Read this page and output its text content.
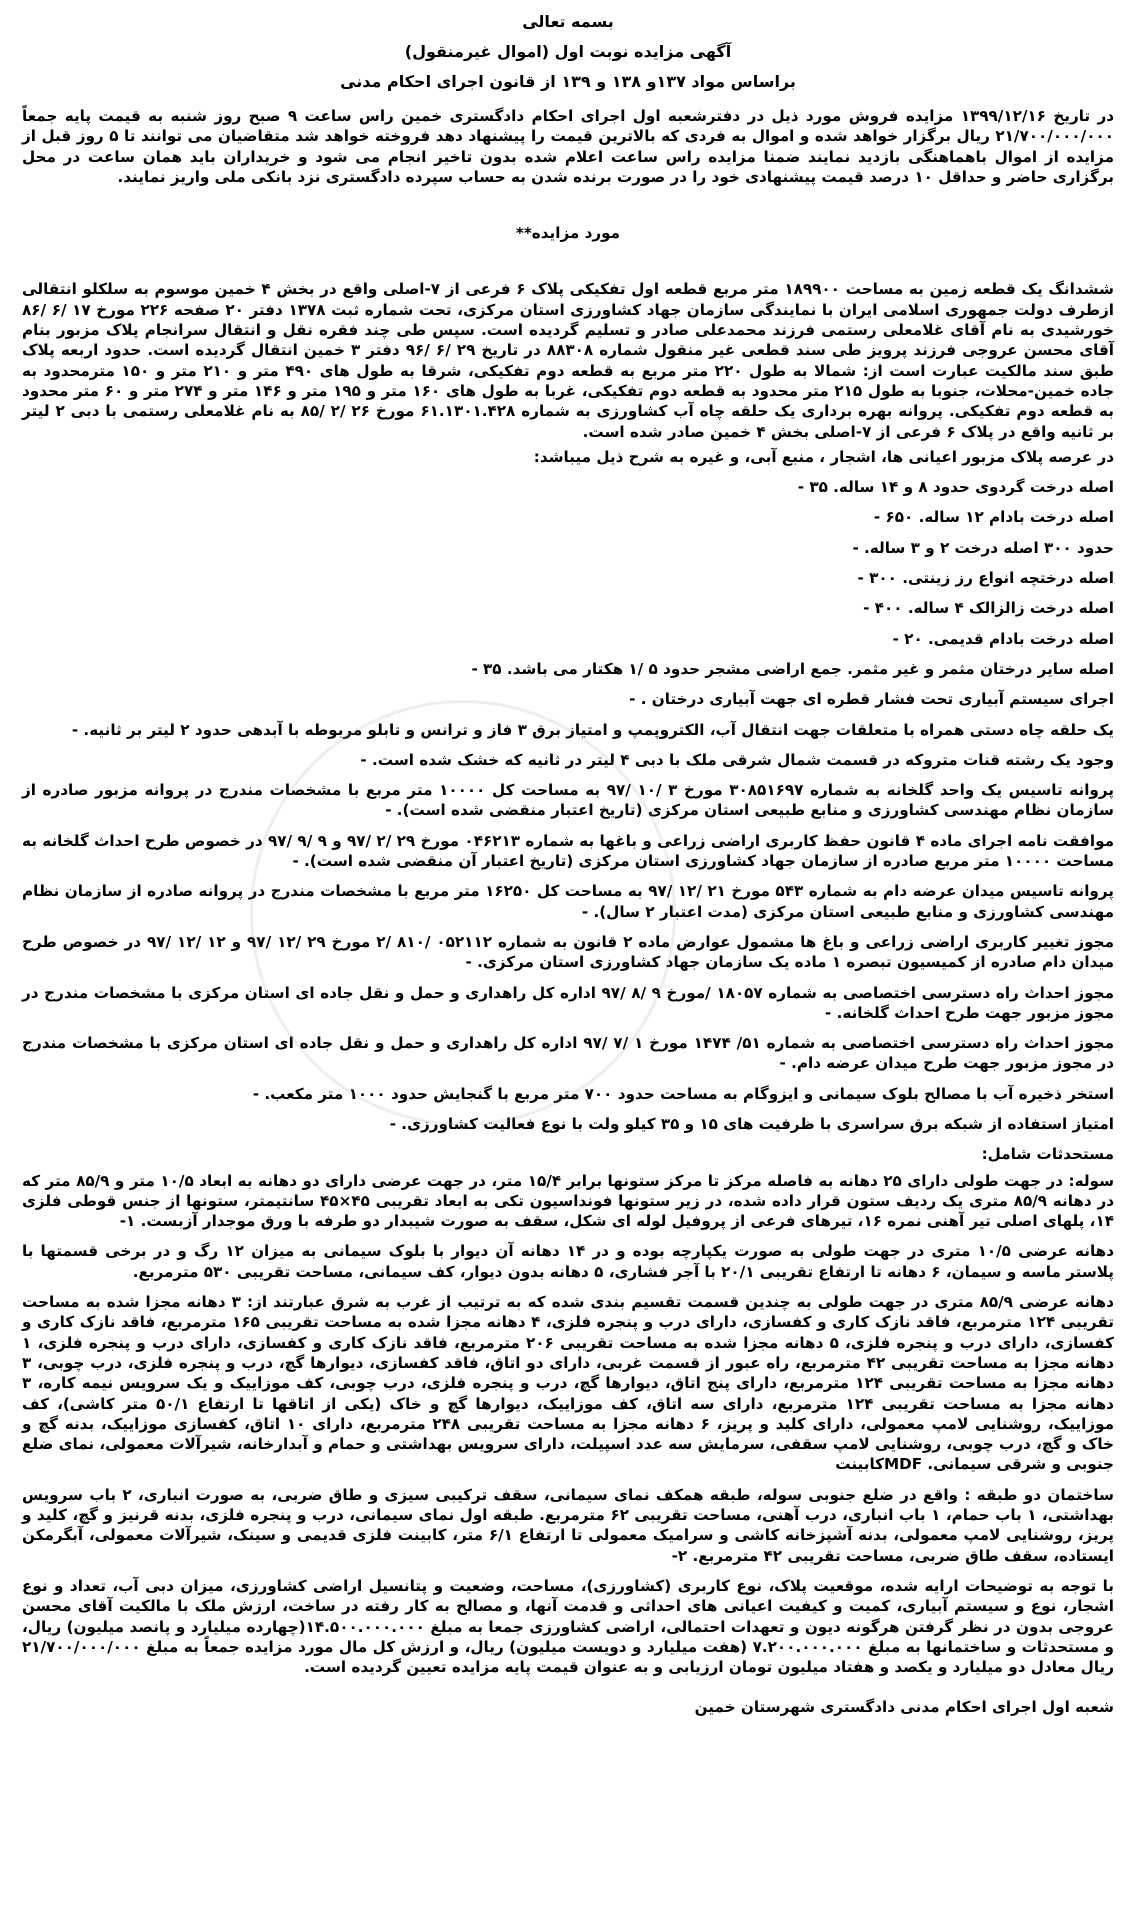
بسمه تعالی
آگهی مزایده نوبت اول (اموال غیرمنقول)
براساس مواد ۱۳۷و ۱۳۸ و ۱۳۹ از قانون اجرای احکام مدنی

در تاریخ ۱۳۹۹/۱۲/۱۶ مزایده فروش مورد ذیل در دفترشعبه اول اجرای احکام دادگستری خمین راس ساعت ۹ صبح روز شنبه به قیمت پایه جمعاً ۲۱/۷۰۰/۰۰۰/۰۰۰ ریال برگزار خواهد شده و اموال به فردی که بالاترین قیمت را پیشنهاد دهد فروخته خواهد شد متقاضیان می توانند تا ۵ روز قبل از مزایده از اموال باهماهنگی بازدید نمایند ضمنا مزایده راس ساعت اعلام شده بدون تاخیر انجام می شود و خریداران باید همان ساعت در محل برگزاری حاضر و حداقل ۱۰ درصد قیمت پیشنهادی خود را در صورت برنده شدن به حساب سپرده دادگستری نزد بانکی ملی واریز نمایند.

مورد مزایده**

ششدانگ یک قطعه زمین به مساحت ۱۸۹۹۰۰ متر مربع قطعه اول تفکیکی پلاک ۶ فرعی از ۷-اصلی واقع در بخش ۴ خمین موسوم به سلکلو انتقالی ازطرف دولت جمهوری اسلامی ایران با نمایندگی سازمان جهاد کشاورزی استان مرکزی، تحت شماره ثبت ۱۳۷۸ دفتر ۲۰ صفحه ۲۲۶ مورخ ۱۷ /۶ /۸۶ خورشیدی به نام آقای غلامعلی رستمی فرزند محمدعلی صادر و تسلیم گردیده است. سپس طی چند فقره نقل و انتقال سرانجام پلاک مزبور بنام آقای محسن عروجی فرزند پرویز طی سند قطعی غیر منقول شماره ۸۸۳۰۸ در تاریخ ۲۹ /۶ /۹۶ دفتر ۳ خمین انتقال گردیده است. حدود اربعه پلاک طبق سند مالکیت عبارت است از: شمالا به طول ۲۲۰ متر مربع به قطعه دوم تفکیکی، شرقا به طول های ۴۹۰ متر و ۲۱۰ متر و ۱۵۰ مترمحدود به جاده خمین-محلات، جنوبا به طول ۲۱۵ متر محدود به قطعه دوم تفکیکی، غربا به طول های ۱۶۰ متر و ۱۹۵ متر و ۱۴۶ متر و ۲۷۴ متر و ۶۰ متر محدود به قطعه دوم تفکیکی. پروانه بهره برداری یک حلقه چاه آب کشاورزی به شماره ۶۱.۱۳۰۱.۴۲۸ مورخ ۲۶ /۲ /۸۵ به نام غلامعلی رستمی با دبی ۲ لیتر بر ثانیه واقع در پلاک ۶ فرعی از ۷-اصلی بخش ۴ خمین صادر شده است.

در عرصه پلاک مزبور اعیانی ها، اشجار ، منبع آبی، و غیره به شرح ذیل میباشد:

اصله درخت گردوی حدود ۸ و ۱۴ ساله. ۳۵ -

اصله درخت بادام ۱۲ ساله. ۶۵۰ -

حدود ۳۰۰ اصله درخت ۲ و ۳ ساله. -

اصله درختچه انواع رز زینتی. ۳۰۰ -

اصله درخت زالزالک ۴ ساله. ۴۰۰ -

اصله درخت بادام قدیمی. ۲۰ -

اصله سایر درختان مثمر و غیر مثمر. جمع اراضی مشجر حدود ۵ /۱ هکتار می باشد. ۳۵ -

اجرای سیستم آبیاری تحت فشار قطره ای جهت آبیاری درختان . -

یک حلقه چاه دستی همراه با متعلقات جهت انتقال آب، الکتروپمپ و امتیاز برق ۳ فاز و ترانس و تابلو مربوطه با آبدهی حدود ۲ لیتر بر ثانیه. -

وجود یک رشته قنات متروکه در قسمت شمال شرقی ملک با دبی ۴ لیتر در ثانیه که خشک شده است. -

پروانه تاسیس یک واحد گلخانه به شماره ۳۰۸۵۱۶۹۷ مورخ ۳ /۱۰ /۹۷ به مساحت کل ۱۰۰۰۰ متر مربع با مشخصات مندرج در پروانه مزبور صادره از سازمان نظام مهندسی کشاورزی و منابع طبیعی استان مرکزی (تاریخ اعتبار منقضی شده است). -

موافقت نامه اجرای ماده ۴ قانون حفظ کاربری اراضی زراعی و باغها به شماره ۰۴۶۲۱۳ مورخ ۲۹ /۲ /۹۷ و ۹ /۹ /۹۷ در خصوص طرح احداث گلخانه به مساحت ۱۰۰۰۰ متر مربع صادره از سازمان جهاد کشاورزی استان مرکزی (تاریخ اعتبار آن منقضی شده است). -

پروانه تاسیس میدان عرضه دام به شماره ۵۴۳ مورخ ۲۱ /۱۲ /۹۷ به مساحت کل ۱۶۲۵۰ متر مربع با مشخصات مندرج در پروانه صادره از سازمان نظام مهندسی کشاورزی و منابع طبیعی استان مرکزی (مدت اعتبار ۲ سال). -

مجوز تغییر کاربری اراضی زراعی و باغ ها مشمول عوارض ماده ۲ قانون به شماره ۰۵۲۱۱۲ /۸۱۰ /۲ مورخ ۲۹ /۱۲ /۹۷ و ۱۲ /۱۲ /۹۷ در خصوص طرح میدان دام صادره از کمیسیون تبصره ۱ ماده یک سازمان جهاد کشاورزی استان مرکزی. -

مجوز احداث راه دسترسی اختصاصی به شماره ۱۸۰۵۷ /مورخ ۹ /۸ /۹۷ اداره کل راهداری و حمل و نقل جاده ای استان مرکزی با مشخصات مندرج در مجوز مزبور جهت طرح احداث گلخانه. -

مجوز احداث راه دسترسی اختصاصی به شماره ۵۱/ ۱۴۷۴ مورخ ۱ /۷ /۹۷ اداره کل راهداری و حمل و نقل جاده ای استان مرکزی با مشخصات مندرج در مجوز مزبور جهت طرح میدان عرضه دام. -

استخر ذخیره آب با مصالح بلوک سیمانی و ایزوگام به مساحت حدود ۷۰۰ متر مربع با گنجایش حدود ۱۰۰۰ متر مکعب. -

امتیاز استفاده از شبکه برق سراسری با ظرفیت های ۱۵ و ۳۵ کیلو ولت با نوع فعالیت کشاورزی. -

مستحدثات شامل:

سوله: در جهت طولی دارای ۲۵ دهانه به فاصله مرکز تا مرکز ستونها برابر ۱۵/۴ متر، در جهت عرضی دارای دو دهانه به ابعاد ۱۰/۵ متر و ۸۵/۹ متر که در دهانه ۸۵/۹ متری یک ردیف ستون قرار داده شده، در زیر ستونها فونداسیون تکی به ابعاد تقریبی ۴۵×۴۵ سانتیمتر، ستونها از جنس قوطی فلزی ۱۴، پلهای اصلی تیر آهنی نمره ۱۶، تیرهای فرعی از پروفیل لوله ای شکل، سقف به صورت شیبدار دو طرفه با ورق موجدار آزبست. ۱-

دهانه عرضی ۱۰/۵ متری در جهت طولی به صورت یکپارچه بوده و در ۱۴ دهانه آن دیوار با بلوک سیمانی به میزان ۱۲ رگ و در برخی قسمتها با پلاستر ماسه و سیمان، ۶ دهانه تا ارتفاع تقریبی ۲۰/۱ با آجر فشاری، ۵ دهانه بدون دیوار، کف سیمانی، مساحت تقریبی ۵۳۰ مترمربع.

دهانه عرضی ۸۵/۹ متری در جهت طولی به چندین قسمت تقسیم بندی شده که به ترتیب از غرب به شرق عبارتند از: ۳ دهانه مجزا شده به مساحت تقریبی ۱۲۴ مترمربع، فاقد نازک کاری و کفسازی، دارای درب و پنجره فلزی، ۴ دهانه مجزا شده به مساحت تقریبی ۱۶۵ مترمربع، فاقد نازک کاری و کفسازی، دارای درب و پنجره فلزی، ۵ دهانه مجزا شده به مساحت تقریبی ۲۰۶ مترمربع، فاقد نازک کاری و کفسازی، دارای درب و پنجره فلزی، ۱ دهانه مجزا به مساحت تقریبی ۴۲ مترمربع، راه عبور از قسمت غربی، دارای دو اتاق، فاقد کفسازی، دیوارها گچ، درب و پنجره فلزی، درب چوبی، ۳ دهانه مجزا به مساحت تقریبی ۱۲۴ مترمربع، دارای پنج اتاق، دیوارها گچ، درب و پنجره فلزی، درب چوبی، کف موزاییک و یک سرویس نیمه کاره، ۳ دهانه مجزا به مساحت تقریبی ۱۲۴ مترمربع، دارای سه اتاق، کف موزاییک، دیوارها گچ و خاک (یکی از اتاقها تا ارتفاع ۵۰/۱ متر کاشی)، کف موزاییک، روشنایی لامپ معمولی، دارای کلید و پریز، ۶ دهانه مجزا به مساحت تقریبی ۲۴۸ مترمربع، دارای ۱۰ اتاق، کفسازی موزاییک، بدنه گچ و خاک و گچ، درب چوبی، روشنایی لامپ سقفی، سرمایش سه عدد اسپیلت، دارای سرویس بهداشتی و حمام و آبدارخانه، شیرآلات معمولی، نمای ضلع جنوبی و شرقی سیمانی. MDFکابینت

ساختمان دو طبقه : واقع در ضلع جنوبی سوله، طبقه همکف نمای سیمانی، سقف ترکیبی سیزی و طاق ضربی، به صورت انباری، ۲ باب سرویس بهداشتی، ۱ باب حمام، ۱ باب انباری، درب آهنی، مساحت تقریبی ۶۲ مترمربع. طبقه اول نمای سیمانی، درب و پنجره فلزی، بدنه قرنیز و گچ، کلید و پریز، روشنایی لامپ معمولی، بدنه آشپزخانه کاشی و سرامیک معمولی تا ارتفاع ۶/۱ متر، کابینت فلزی قدیمی و سینک، شیرآلات معمولی، آبگرمکن ایستاده، سقف طاق ضربی، مساحت تقریبی ۴۲ مترمربع. ۲-

با توجه به توضیحات ارایه شده، موقعیت پلاک، نوع کاربری (کشاورزی)، مساحت، وضعیت و پتانسیل اراضی کشاورزی، میزان دبی آب، تعداد و نوع اشجار، نوع و سیستم آبیاری، کمیت و کیفیت اعیانی های احداثی و قدمت آنها، و مصالح به کار رفته در ساخت، ارزش ملک با مالکیت آقای محسن عروجی بدون در نظر گرفتن هرگونه دیون و تعهدات احتمالی، اراضی کشاورزی جمعا به مبلغ ۱۴.۵۰۰.۰۰۰.۰۰۰(چهارده میلیارد و پانصد میلیون) ریال، و مستحدثات و ساختمانها به مبلغ ۷.۲۰۰.۰۰۰.۰۰۰ (هفت میلیارد و دویست میلیون) ریال، و ارزش کل مال مورد مزایده جمعاً به مبلغ ۲۱/۷۰۰/۰۰۰/۰۰۰ ریال معادل دو میلیارد و یکصد و هفتاد میلیون تومان ارزیابی و به عنوان قیمت پایه مزایده تعیین گردیده است.

شعبه اول اجرای احکام مدنی دادگستری شهرستان خمین
